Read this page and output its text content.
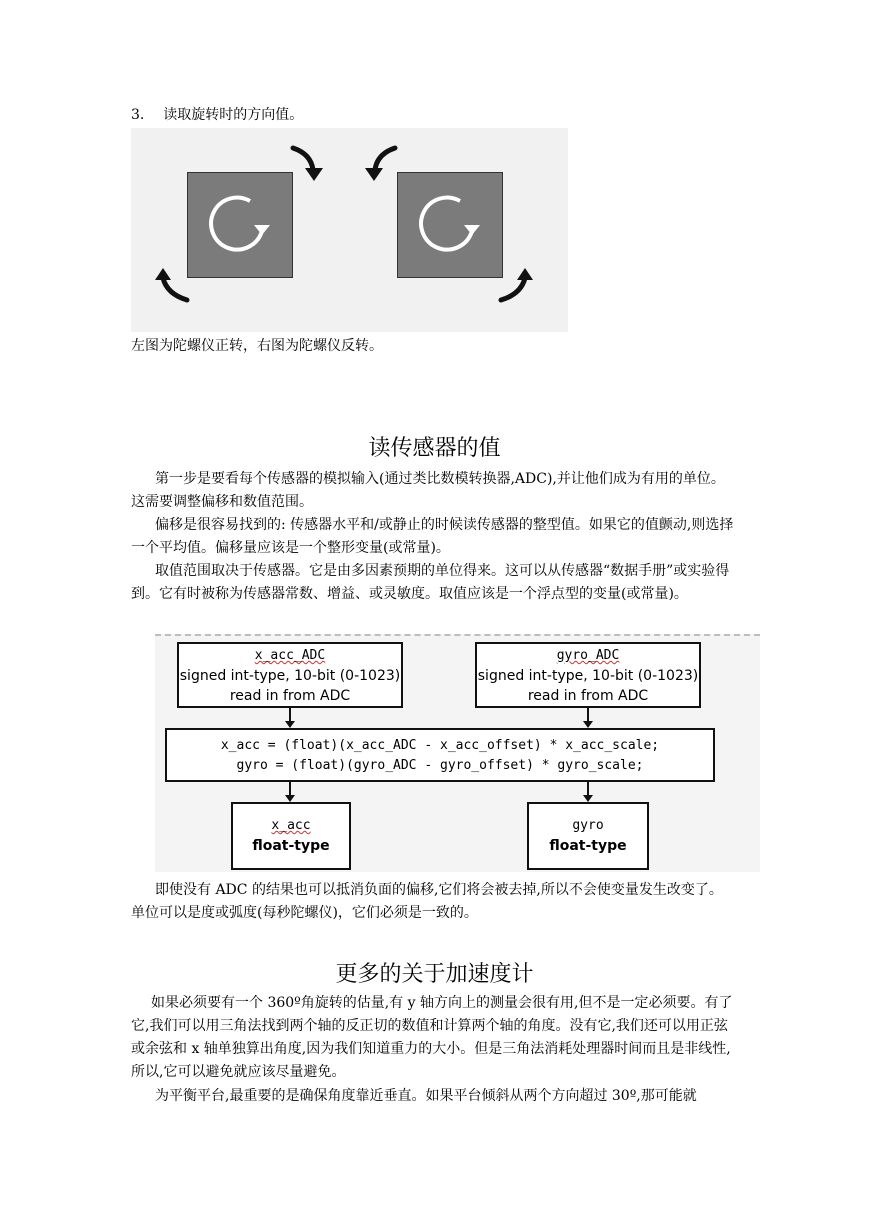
3. 读取旋转时的方向值。
左图为陀螺仪正转，右图为陀螺仪反转。
读传感器的值
第一步是要看每个传感器的模拟输入(通过类比数模转换器,ADC),并让他们成为有用的单位。这需要调整偏移和数值范围。
偏移是很容易找到的: 传感器水平和/或静止的时候读传感器的整型值。如果它的值颤动,则选择一个平均值。偏移量应该是一个整形变量(或常量)。
取值范围取决于传感器。它是由多因素预期的单位得来。这可以从传感器“数据手册”或实验得到。它有时被称为传感器常数、增益、或灵敏度。取值应该是一个浮点型的变量(或常量)。
x_acc_ADC
signed int-type, 10-bit (0-1023)
read in from ADC
gyro_ADC
signed int-type, 10-bit (0-1023)
read in from ADC
x_acc = (float)(x_acc_ADC - x_acc_offset) * x_acc_scale;
gyro = (float)(gyro_ADC - gyro_offset) * gyro_scale;
x_acc
float-type
gyro
float-type
即使没有 ADC 的结果也可以抵消负面的偏移,它们将会被去掉,所以不会使变量发生改变了。　　单位可以是度或弧度(每秒陀螺仪)，它们必须是一致的。
更多的关于加速度计
如果必须要有一个 360º角旋转的估量,有 y 轴方向上的测量会很有用,但不是一定必须要。有了它,我们可以用三角法找到两个轴的反正切的数值和计算两个轴的角度。没有它,我们还可以用正弦或余弦和 x 轴单独算出角度,因为我们知道重力的大小。但是三角法消耗处理器时间而且是非线性,所以,它可以避免就应该尽量避免。
为平衡平台,最重要的是确保角度靠近垂直。如果平台倾斜从两个方向超过 30º,那可能就
